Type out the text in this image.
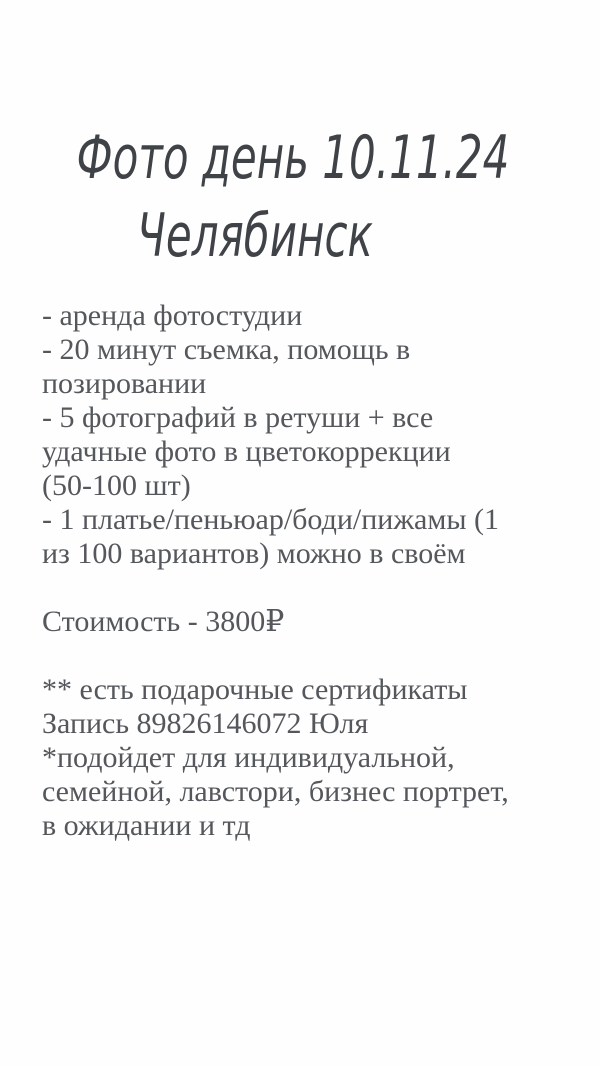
Фото день 10.11.24
Челябинск
- аренда фотостудии
- 20 минут съемка, помощь в
позировании
- 5 фотографий в ретуши + все
удачные фото в цветокоррекции
(50-100 шт)
- 1 платье/пеньюар/боди/пижамы (1
из 100 вариантов) можно в своём
Стоимость - 3800₽
** есть подарочные сертификаты
Запись 89826146072 Юля
*подойдет для индивидуальной,
семейной, лавстори, бизнес портрет,
в ожидании и тд
